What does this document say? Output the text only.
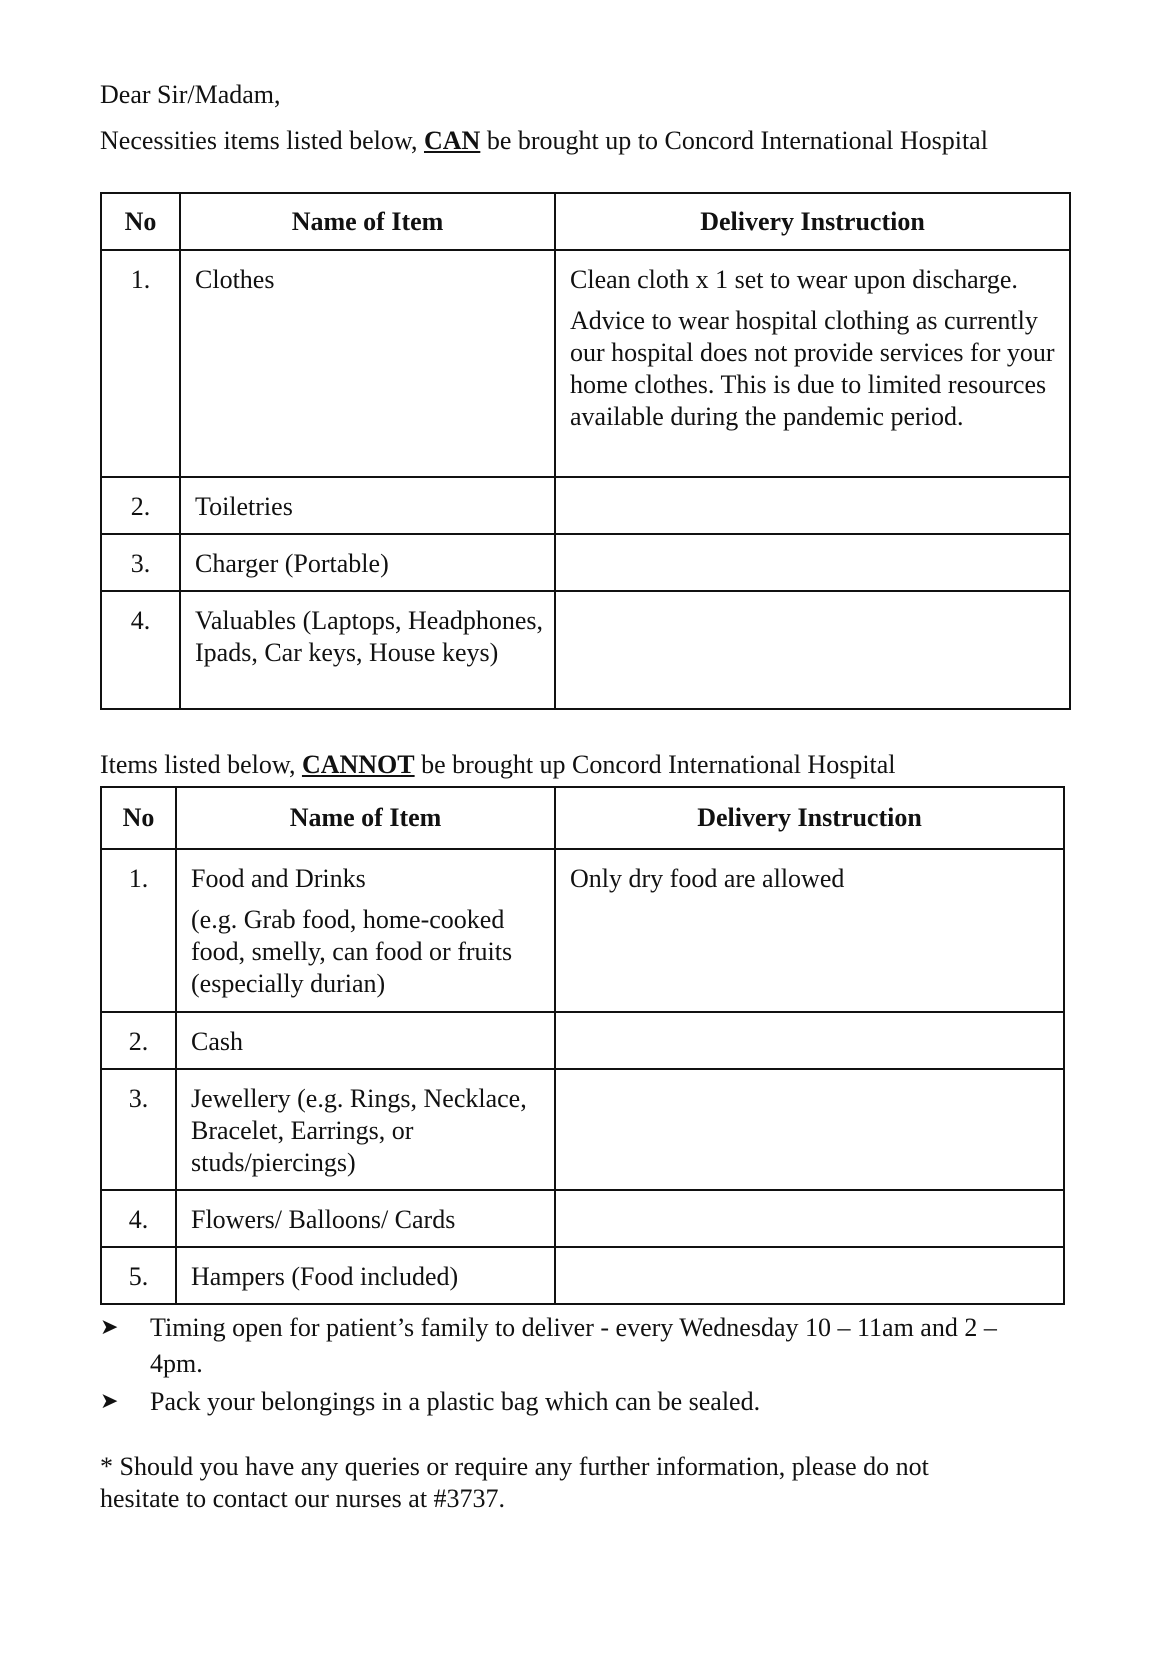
Dear Sir/Madam,

Necessities items listed below, CAN be brought up to Concord International Hospital

No	Name of Item	Delivery Instruction

1.	Clothes	Clean cloth x 1 set to wear upon discharge.
Advice to wear hospital clothing as currently our hospital does not provide services for your home clothes. This is due to limited resources available during the pandemic period.

2.	Toiletries	

3.	Charger (Portable)	

4.	Valuables (Laptops, Headphones, Ipads, Car keys, House keys)	

Items listed below, CANNOT be brought up Concord International Hospital

No	Name of Item	Delivery Instruction

1.	Food and Drinks
(e.g. Grab food, home-cooked food, smelly, can food or fruits (especially durian)	Only dry food are allowed

2.	Cash	

3.	Jewellery (e.g. Rings, Necklace, Bracelet, Earrings, or studs/piercings)	

4.	Flowers/ Balloons/ Cards	

5.	Hampers (Food included)	

➤ Timing open for patient’s family to deliver - every Wednesday 10 – 11am and 2 – 4pm.
➤ Pack your belongings in a plastic bag which can be sealed.

* Should you have any queries or require any further information, please do not hesitate to contact our nurses at #3737.
